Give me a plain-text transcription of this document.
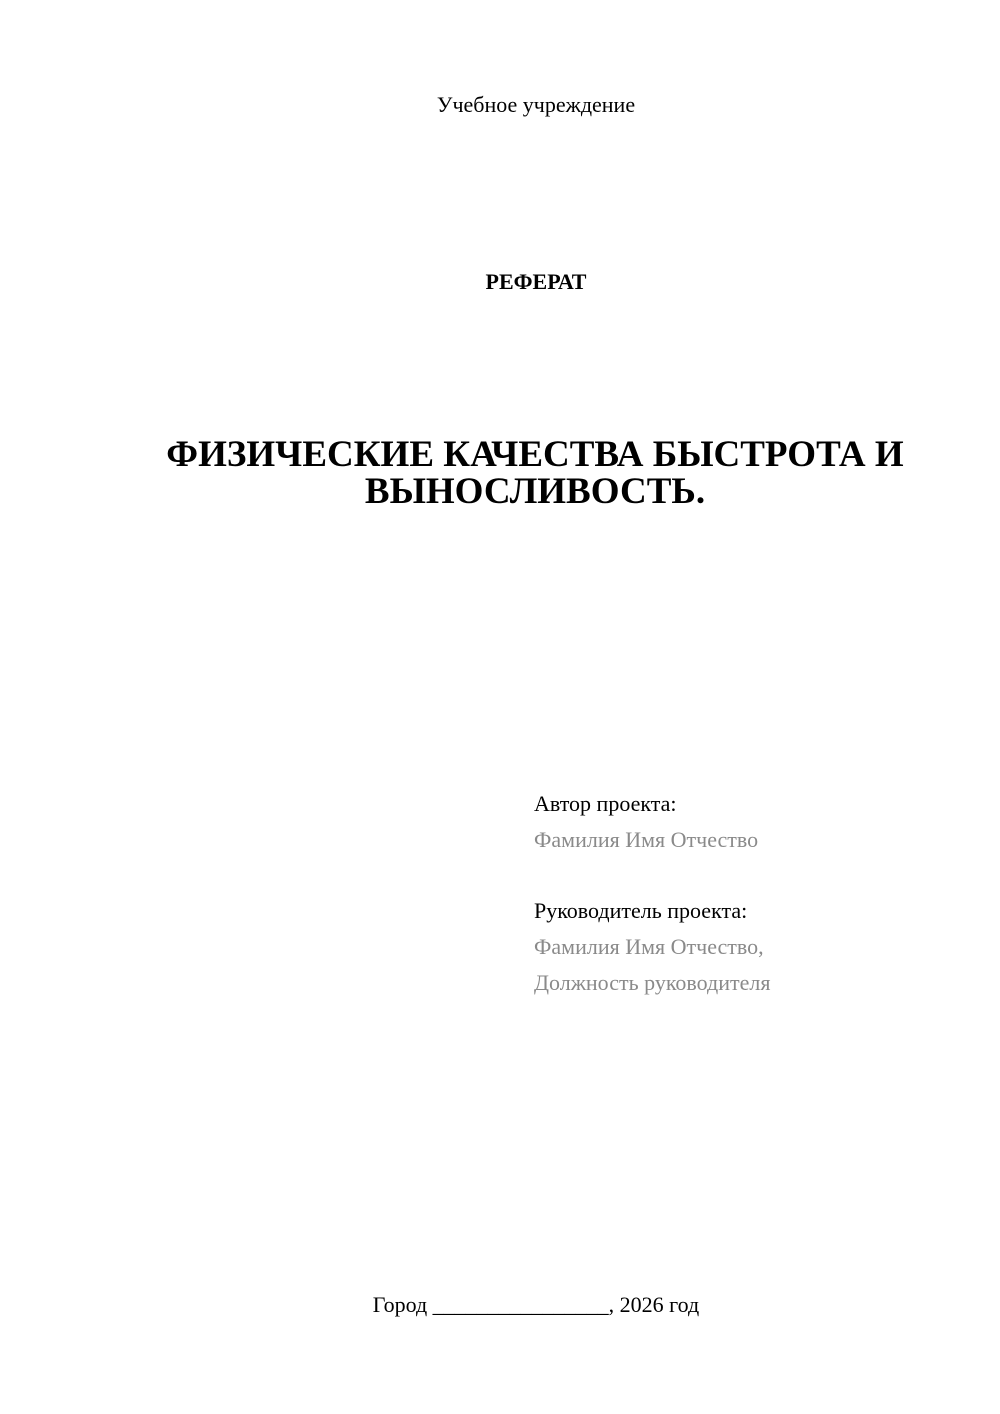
Учебное учреждение
РЕФЕРАТ
ФИЗИЧЕСКИЕ КАЧЕСТВА БЫСТРОТА И
ВЫНОСЛИВОСТЬ.
Автор проекта:
Фамилия Имя Отчество
Руководитель проекта:
Фамилия Имя Отчество,
Должность руководителя
Город ________________, 2026 год
